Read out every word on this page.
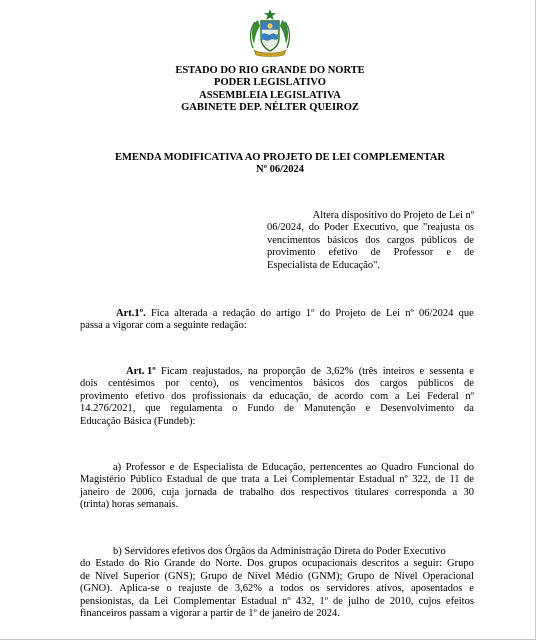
ESTADO DO RIO GRANDE DO NORTE
PODER LEGISLATIVO
ASSEMBLEIA LEGISLATIVA
GABINETE DEP. NÉLTER QUEIROZ
EMENDA MODIFICATIVA AO PROJETO DE LEI COMPLEMENTAR
Nº 06/2024
Altera dispositivo do Projeto de Lei nº
06/2024, do Poder Executivo, que "reajusta os
vencimentos básicos dos cargos públicos de
provimento efetivo de Professor e de
Especialista de Educação".
Art.1º. Fica alterada a redação do artigo 1º do Projeto de Lei nº 06/2024 que
passa a vigorar com a seguinte redação:
Art. 1º Ficam reajustados, na proporção de 3,62% (três inteiros e sessenta e
dois centésimos por cento), os vencimentos básicos dos cargos públicos de
provimento efetivo dos profissionais da educação, de acordo com a Lei Federal nº
14.276/2021, que regulamenta o Fundo de Manutenção e Desenvolvimento da
Educação Básica (Fundeb):
a) Professor e de Especialista de Educação, pertencentes ao Quadro Funcional do
Magistério Público Estadual de que trata a Lei Complementar Estadual nº 322, de 11 de
janeiro de 2006, cuja jornada de trabalho dos respectivos titulares corresponda a 30
(trinta) horas semanais.
b) Servidores efetivos dos Órgãos da Administração Direta do Poder Executivo
do Estado do Rio Grande do Norte. Dos grupos ocupacionais descritos a seguir: Grupo
de Nível Superior (GNS); Grupo de Nível Médio (GNM); Grupo de Nível Operacional
(GNO). Aplica-se o reajuste de 3,62% a todos os servidores ativos, aposentados e
pensionistas, da Lei Complementar Estadual nº 432, 1º de julho de 2010, cujos efeitos
financeiros passam a vigorar a partir de 1º de janeiro de 2024.
